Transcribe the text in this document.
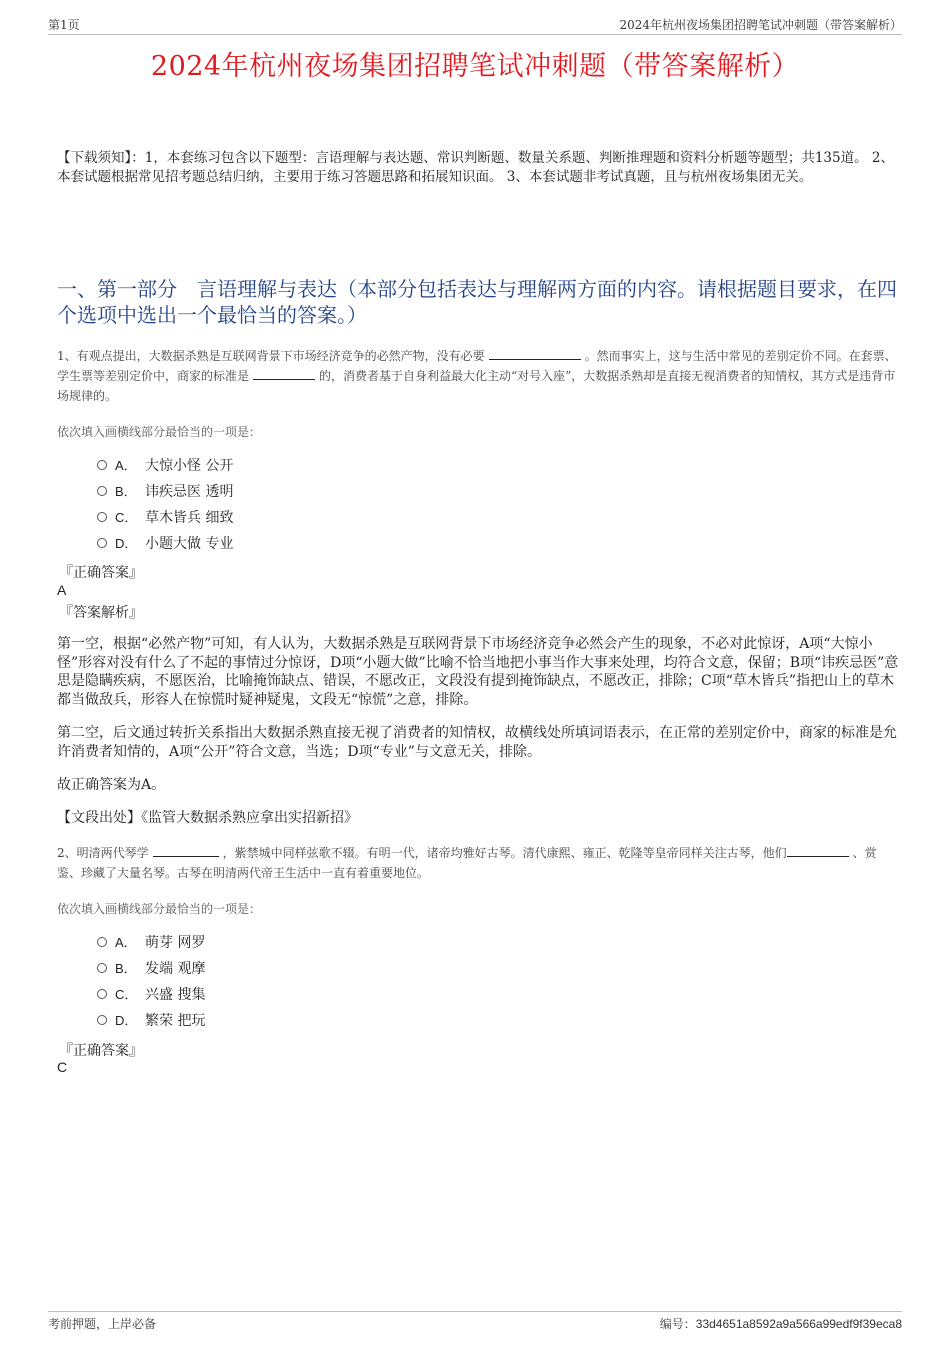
第1页	2024年杭州夜场集团招聘笔试冲刺题（带答案解析）
2024年杭州夜场集团招聘笔试冲刺题（带答案解析）
【下载须知】：1，本套练习包含以下题型：言语理解与表达题、常识判断题、数量关系题、判断推理题和资料分析题等题型；共135道。 2、本套试题根据常见招考题总结归纳，主要用于练习答题思路和拓展知识面。 3、本套试题非考试真题，且与杭州夜场集团无关。
一、第一部分　言语理解与表达（本部分包括表达与理解两方面的内容。请根据题目要求，在四个选项中选出一个最恰当的答案。）
1、有观点提出，大数据杀熟是互联网背景下市场经济竞争的必然产物，没有必要	。然而事实上，这与生活中常见的差别定价不同。在套票、学生票等差别定价中，商家的标准是	的，消费者基于自身利益最大化主动“对号入座”，大数据杀熟却是直接无视消费者的知情权，其方式是违背市场规律的。
依次填入画横线部分最恰当的一项是：
A． 大惊小怪 公开
B． 讳疾忌医 透明
C． 草木皆兵 细致
D． 小题大做 专业
『正确答案』
A
『答案解析』
第一空，根据“必然产物”可知，有人认为，大数据杀熟是互联网背景下市场经济竞争必然会产生的现象，不必对此惊讶，A项“大惊小怪”形容对没有什么了不起的事情过分惊讶，D项“小题大做”比喻不恰当地把小事当作大事来处理，均符合文意，保留；B项“讳疾忌医”意思是隐瞒疾病，不愿医治，比喻掩饰缺点、错误，不愿改正，文段没有提到掩饰缺点，不愿改正，排除；C项“草木皆兵”指把山上的草木都当做敌兵，形容人在惊慌时疑神疑鬼，文段无“惊慌”之意，排除。
第二空，后文通过转折关系指出大数据杀熟直接无视了消费者的知情权，故横线处所填词语表示，在正常的差别定价中，商家的标准是允许消费者知情的，A项“公开”符合文意，当选；D项“专业”与文意无关，排除。
故正确答案为A。
【文段出处】《监管大数据杀熟应拿出实招新招》
2、明清两代琴学	，紫禁城中同样弦歌不辍。有明一代，诸帝均雅好古琴。清代康熙、雍正、乾隆等皇帝同样关注古琴，他们	、赏鉴、珍藏了大量名琴。古琴在明清两代帝王生活中一直有着重要地位。
依次填入画横线部分最恰当的一项是：
A． 萌芽 网罗
B． 发端 观摩
C． 兴盛 搜集
D． 繁荣 把玩
『正确答案』
C
考前押题，上岸必备	编号：33d4651a8592a9a566a99edf9f39eca8
